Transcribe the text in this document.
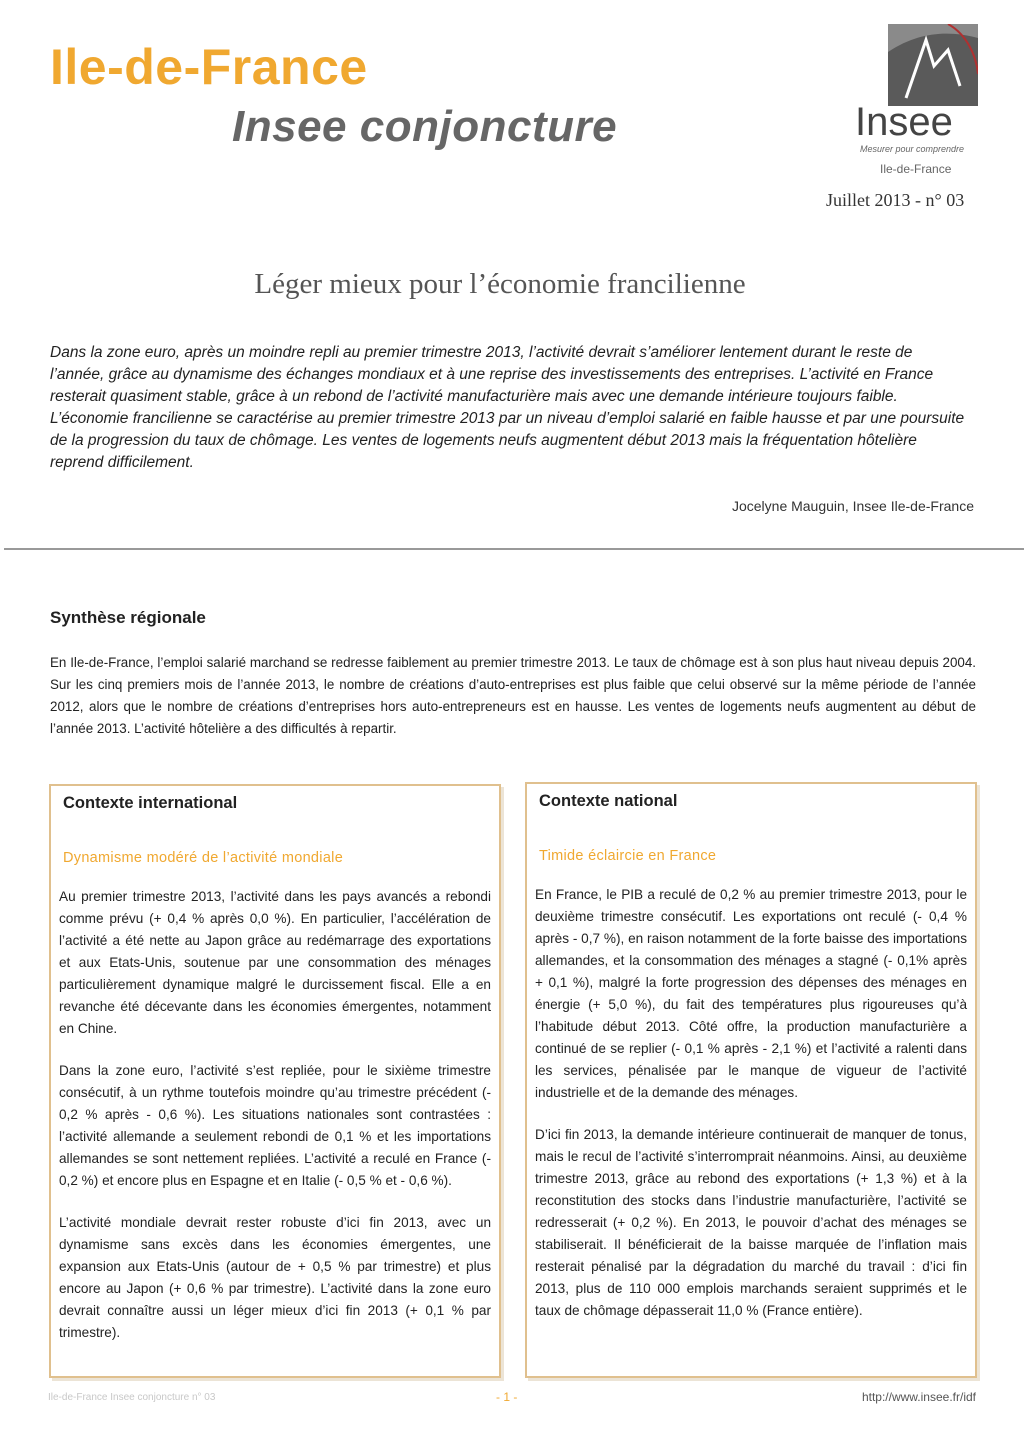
Ile-de-France
Insee conjoncture	Insee
Mesurer pour comprendre
Ile-de-France
Juillet 2013 - n° 03
Léger mieux pour l’économie francilienne

Dans la zone euro, après un moindre repli au premier trimestre 2013, l’activité devrait s’améliorer lentement durant le reste de l’année, grâce au dynamisme des échanges mondiaux et à une reprise des investissements des entreprises. L’activité en France resterait quasiment stable, grâce à un rebond de l’activité manufacturière mais avec une demande intérieure toujours faible.

L’économie francilienne se caractérise au premier trimestre 2013 par un niveau d’emploi salarié en faible hausse et par une poursuite de la progression du taux de chômage. Les ventes de logements neufs augmentent début 2013 mais la fréquentation hôtelière reprend difficilement.

Jocelyne Mauguin, Insee Ile-de-France
Synthèse régionale
En Ile-de-France, l’emploi salarié marchand se redresse faiblement au premier trimestre 2013. Le taux de chômage est à son plus haut niveau depuis 2004. Sur les cinq premiers mois de l’année 2013, le nombre de créations d’auto-entreprises est plus faible que celui observé sur la même période de l’année 2012, alors que le nombre de créations d’entreprises hors auto-entrepreneurs est en hausse. Les ventes de logements neufs augmentent au début de l’année 2013. L’activité hôtelière a des difficultés à repartir.
Contexte international
Dynamisme modéré de l’activité mondiale

Au premier trimestre 2013, l’activité dans les pays avancés a rebondi comme prévu (+ 0,4 % après 0,0 %). En particulier, l’accélération de l’activité a été nette au Japon grâce au redémarrage des exportations et aux Etats-Unis, soutenue par une consommation des ménages particulièrement dynamique malgré le durcissement fiscal. Elle a en revanche été décevante dans les économies émergentes, notamment en Chine.

Dans la zone euro, l’activité s’est repliée, pour le sixième trimestre consécutif, à un rythme toutefois moindre qu’au trimestre précédent (- 0,2 % après - 0,6 %). Les situations nationales sont contrastées : l’activité allemande a seulement rebondi de 0,1 % et les importations allemandes se sont nettement repliées. L’activité a reculé en France (- 0,2 %) et encore plus en Espagne et en Italie (- 0,5 % et - 0,6 %).

L’activité mondiale devrait rester robuste d’ici fin 2013, avec un dynamisme sans excès dans les économies émergentes, une expansion aux Etats-Unis (autour de + 0,5 % par trimestre) et plus encore au Japon (+ 0,6 % par trimestre). L’activité dans la zone euro devrait connaître aussi un léger mieux d’ici fin 2013 (+ 0,1 % par trimestre).

Contexte national
Timide éclaircie en France

En France, le PIB a reculé de 0,2 % au premier trimestre 2013, pour le deuxième trimestre consécutif. Les exportations ont reculé (- 0,4 % après - 0,7 %), en raison notamment de la forte baisse des importations allemandes, et la consommation des ménages a stagné (- 0,1% après + 0,1 %), malgré la forte progression des dépenses des ménages en énergie (+ 5,0 %), du fait des températures plus rigoureuses qu’à l’habitude début 2013. Côté offre, la production manufacturière a continué de se replier (- 0,1 % après - 2,1 %) et l’activité a ralenti dans les services, pénalisée par le manque de vigueur de l’activité industrielle et de la demande des ménages.

D’ici fin 2013, la demande intérieure continuerait de manquer de tonus, mais le recul de l’activité s’interromprait néanmoins. Ainsi, au deuxième trimestre 2013, grâce au rebond des exportations (+ 1,3 %) et à la reconstitution des stocks dans l’industrie manufacturière, l’activité se redresserait (+ 0,2 %). En 2013, le pouvoir d’achat des ménages se stabiliserait. Il bénéficierait de la baisse marquée de l’inflation mais resterait pénalisé par la dégradation du marché du travail : d’ici fin 2013, plus de 110 000 emplois marchands seraient supprimés et le taux de chômage dépasserait 11,0 % (France entière).

Ile-de-France Insee conjoncture n° 03	- 1 -	http://www.insee.fr/idf
